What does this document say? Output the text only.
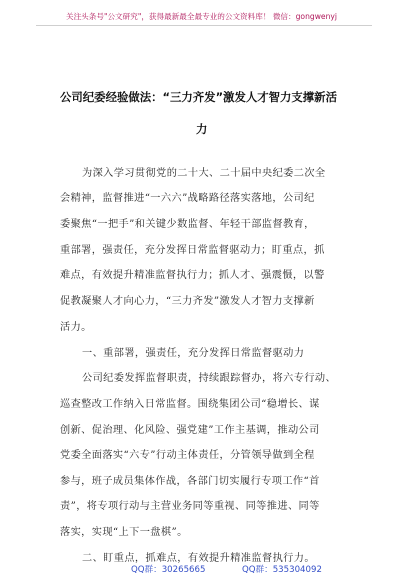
关注头条号"公文研究"，获得最新最全最专业的公文资料库！ 微信：gongwenyj
公司纪委经验做法：“三力齐发”激发人才智力支撑新活
力
为深入学习贯彻党的二十大、二十届中央纪委二次全
会精神，监督推进“一六六”战略路径落实落地，公司纪
委聚焦“一把手”和关键少数监督、年轻干部监督教育，
重部署，强责任，充分发挥日常监督驱动力；盯重点，抓
难点，有效提升精准监督执行力；抓人才、强震慑，以警
促教凝聚人才向心力，“三力齐发”激发人才智力支撑新
活力。
一、重部署，强责任，充分发挥日常监督驱动力
公司纪委发挥监督职责，持续跟踪督办，将六专行动、
巡查整改工作纳入日常监督。围绕集团公司“稳增长、谋
创新、促治理、化风险、强党建”工作主基调，推动公司
党委全面落实“六专”行动主体责任，分管领导做到全程
参与，班子成员集体作战，各部门切实履行专项工作“首
责”，将专项行动与主营业务同等重视、同等推进、同等
落实，实现“上下一盘棋”。
二、盯重点，抓难点，有效提升精准监督执行力。
QQ群：30265665	QQ群：535304092
